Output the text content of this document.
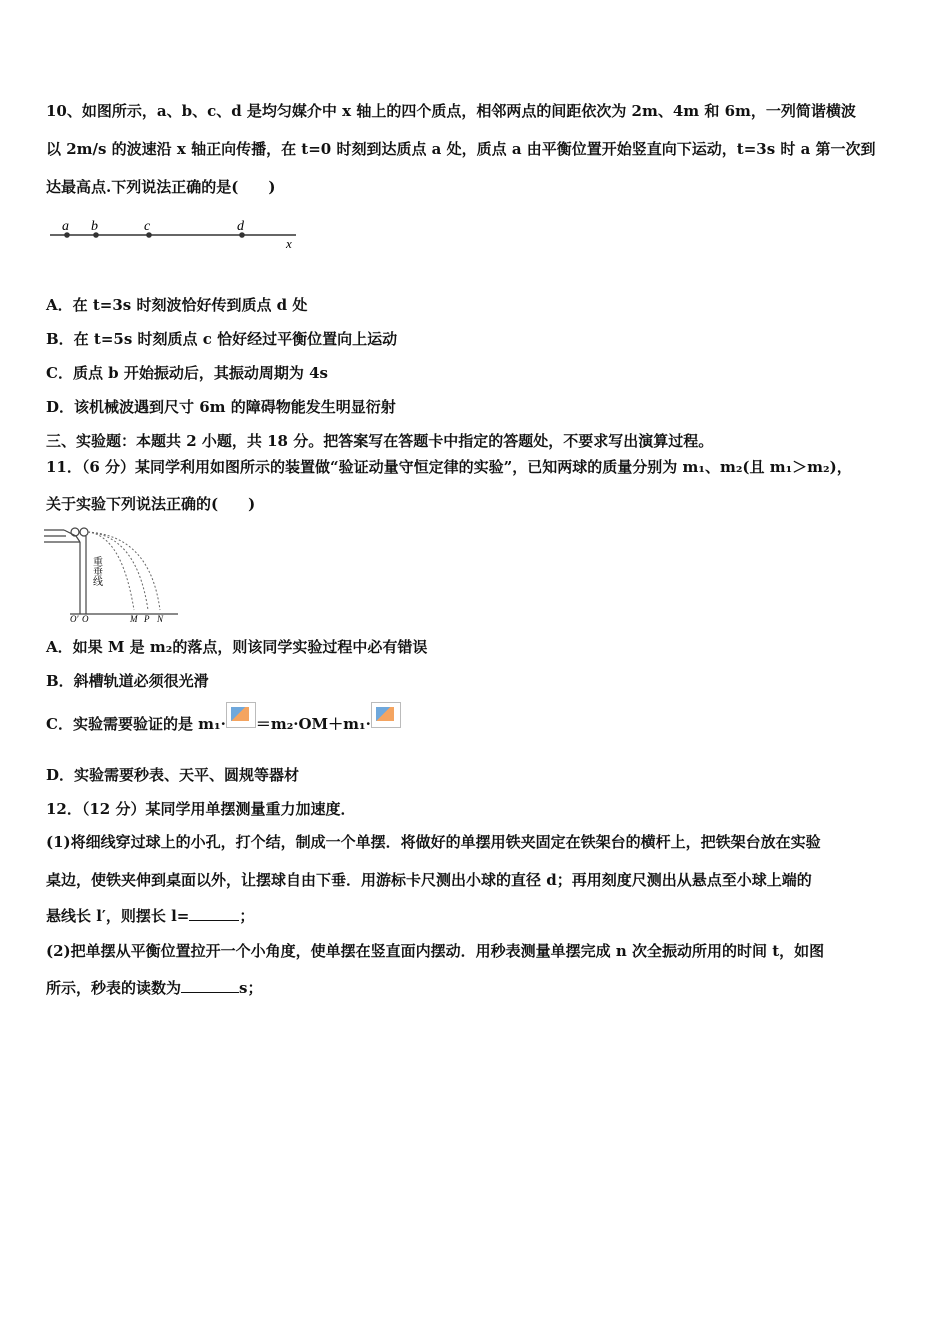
10、如图所示，a、b、c、d 是均匀媒介中 x 轴上的四个质点，相邻两点的间距依次为 2m、4m 和 6m，一列简谐横波
以 2m/s 的波速沿 x 轴正向传播，在 t=0 时刻到达质点 a 处，质点 a 由平衡位置开始竖直向下运动，t=3s 时 a 第一次到
达最高点.下列说法正确的是(　　)
a b	c	d
x
A．在 t=3s 时刻波恰好传到质点 d 处
B．在 t=5s 时刻质点 c 恰好经过平衡位置向上运动
C．质点 b 开始振动后，其振动周期为 4s
D．该机械波遇到尺寸 6m 的障碍物能发生明显衍射
三、实验题：本题共 2 小题，共 18 分。把答案写在答题卡中指定的答题处，不要求写出演算过程。
11．（6 分）某同学利用如图所示的装置做“验证动量守恒定律的实验”，已知两球的质量分别为 m₁、m₂(且 m₁＞m₂)，
关于实验下列说法正确的(　　)
重垂线
O′ O	M P N
A．如果 M 是 m₂的落点，则该同学实验过程中必有错误
B．斜槽轨道必须很光滑
C．实验需要验证的是 m₁· ＝m₂·OM＋m₁·
D．实验需要秒表、天平、圆规等器材
12．（12 分）某同学用单摆测量重力加速度．
(1)将细线穿过球上的小孔，打个结，制成一个单摆．将做好的单摆用铁夹固定在铁架台的横杆上，把铁架台放在实验
桌边，使铁夹伸到桌面以外，让摆球自由下垂．用游标卡尺测出小球的直径 d；再用刻度尺测出从悬点至小球上端的
悬线长 l′，则摆长 l=	；
(2)把单摆从平衡位置拉开一个小角度，使单摆在竖直面内摆动．用秒表测量单摆完成 n 次全振动所用的时间 t，如图
所示，秒表的读数为	s；
